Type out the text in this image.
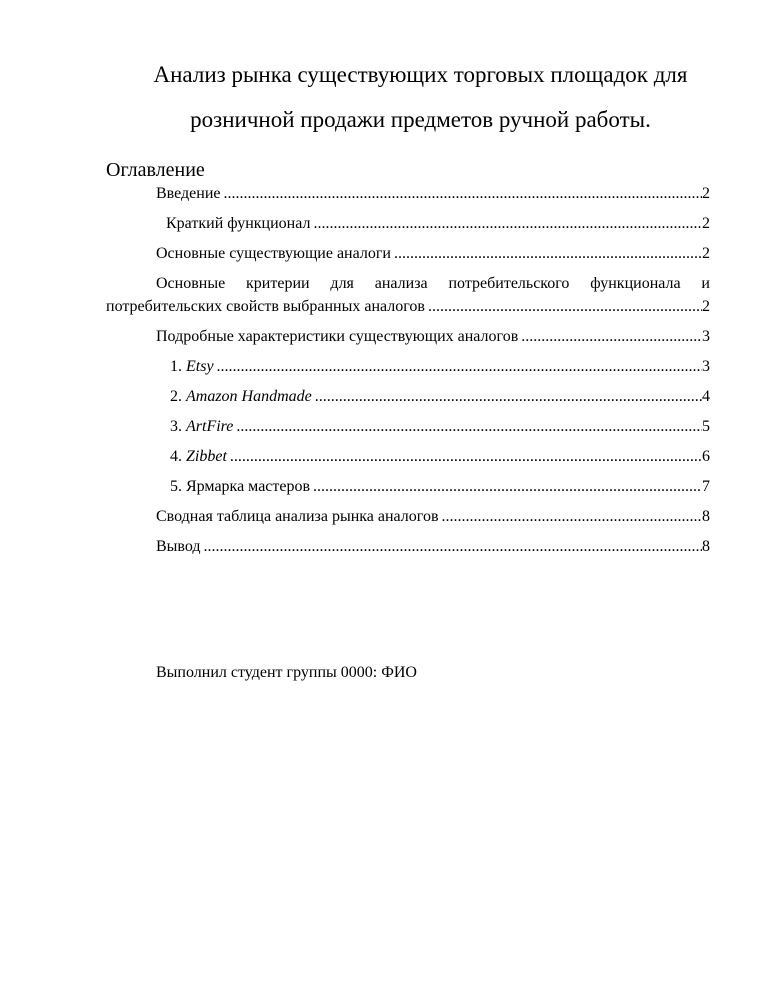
Анализ рынка существующих торговых площадок для
розничной продажи предметов ручной работы.
Оглавление
Введение .....	2
Краткий функционал .....	2
Основные существующие аналоги .....	2
Основные критерии для анализа потребительского функционала и
потребительских свойств выбранных аналогов .....	2
Подробные характеристики существующих аналогов .....	3
1. Etsy .....	3
2. Amazon Handmade .....	4
3. ArtFire .....	5
4. Zibbet .....	6
5. Ярмарка мастеров .....	7
Сводная таблица анализа рынка аналогов .....	8
Вывод .....	8
Выполнил студент группы 0000: ФИО
